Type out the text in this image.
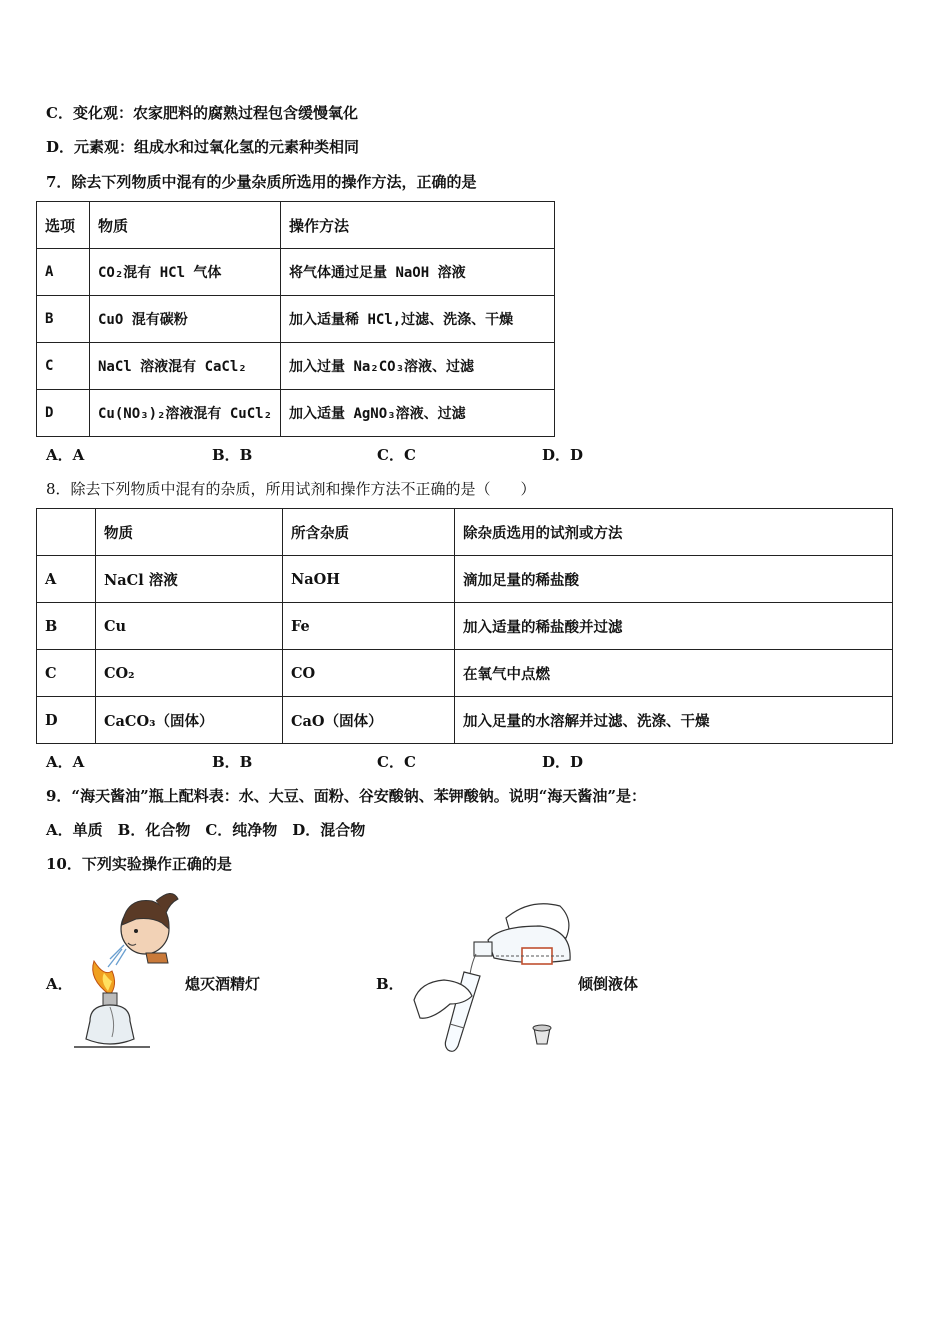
C．变化观：农家肥料的腐熟过程包含缓慢氧化
D．元素观：组成水和过氧化氢的元素种类相同
7．除去下列物质中混有的少量杂质所选用的操作方法，正确的是
选项	物质	操作方法
A	CO₂混有 HCl 气体	将气体通过足量 NaOH 溶液
B	CuO 混有碳粉	加入适量稀 HCl,过滤、洗涤、干燥
C	NaCl 溶液混有 CaCl₂	加入过量 Na₂CO₃溶液、过滤
D	Cu(NO₃)₂溶液混有 CuCl₂	加入适量 AgNO₃溶液、过滤
A．A	B．B	C．C	D．D
8．除去下列物质中混有的杂质，所用试剂和操作方法不正确的是（　　）
	物质	所含杂质	除杂质选用的试剂或方法
A	NaCl 溶液	NaOH	滴加足量的稀盐酸
B	Cu	Fe	加入适量的稀盐酸并过滤
C	CO₂	CO	在氧气中点燃
D	CaCO₃（固体）	CaO（固体）	加入足量的水溶解并过滤、洗涤、干燥
A．A	B．B	C．C	D．D
9．“海天酱油”瓶上配料表：水、大豆、面粉、谷安酸钠、苯钾酸钠。说明“海天酱油”是：
A．单质　B．化合物　C．纯净物　D．混合物
10．下列实验操作正确的是
A．	熄灭酒精灯	B．	倾倒液体
